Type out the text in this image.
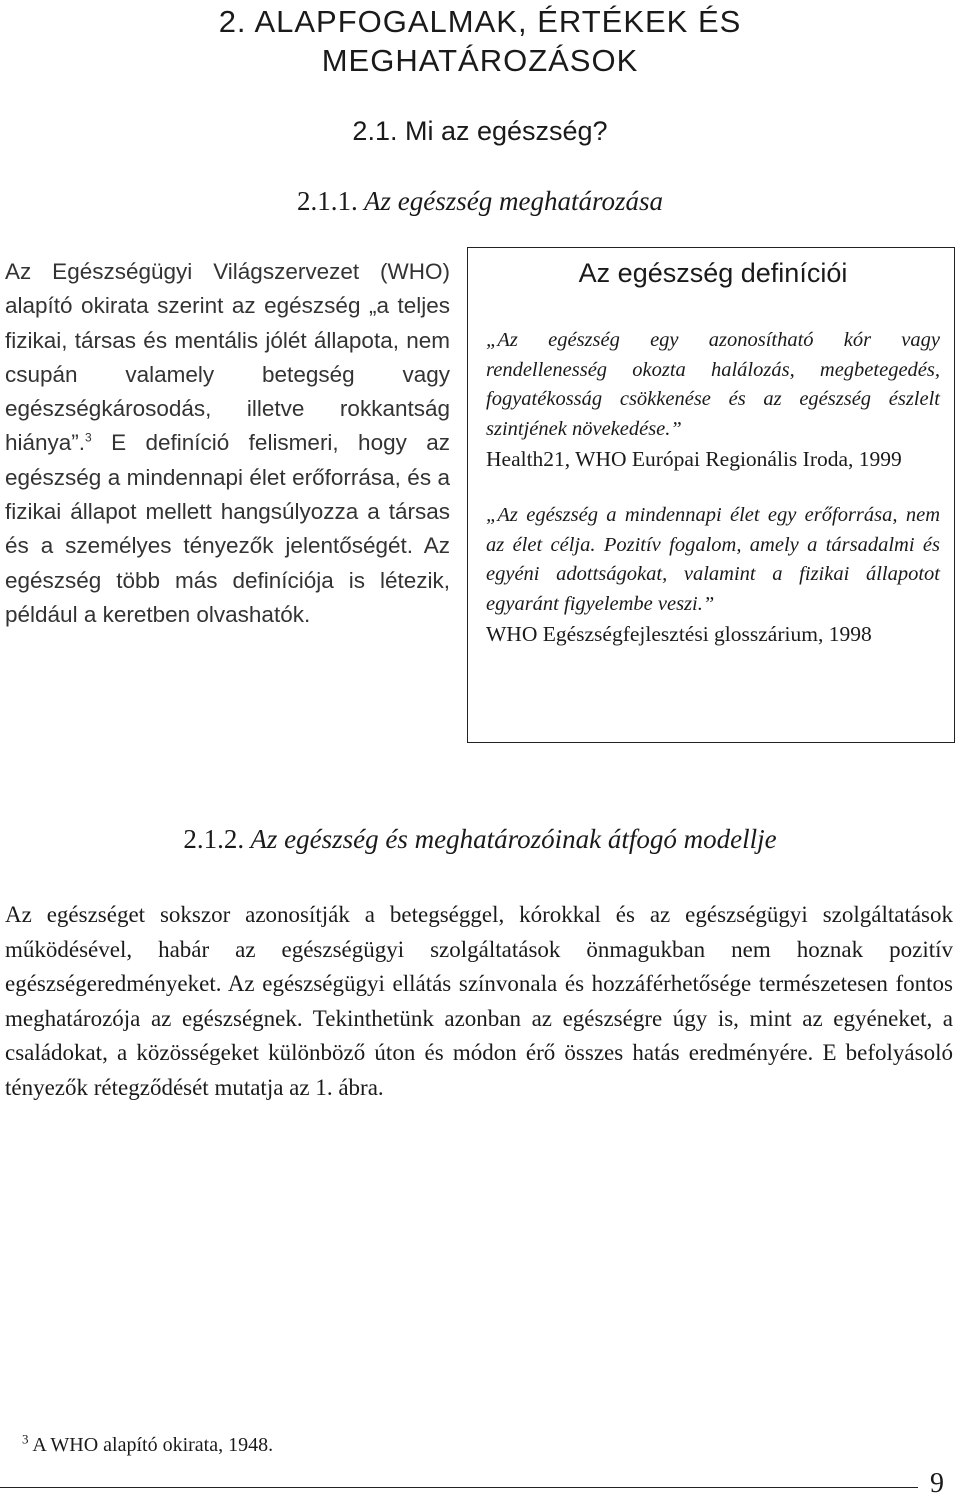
2. ALAPFOGALMAK, ÉRTÉKEK ÉS
MEGHATÁROZÁSOK
2.1. Mi az egészség?
2.1.1. Az egészség meghatározása

Az Egészségügyi Világszervezet (WHO) alapító okirata szerint az egészség „a teljes fizikai, társas és mentális jólét állapota, nem csupán valamely betegség vagy egészségkárosodás, illetve rokkantság hiánya”.$^3$ E definíció felismeri, hogy az egészség a mindennapi élet erőforrása, és a fizikai állapot mellett hangsúlyozza a társas és a személyes tényezők jelentőségét. Az egészség több más definíciója is létezik, például a keretben olvashatók.

Az egészség definíciói

„Az egészség egy azonosítható kór vagy rendellenesség okozta halálozás, megbetegedés, fogyatékosság csökkenése és az egészség észlelt szintjének növekedése.”

Health21, WHO Európai Regionális Iroda, 1999

„Az egészség a mindennapi élet egy erőforrása, nem az élet célja. Pozitív fogalom, amely a társadalmi és egyéni adottságokat, valamint a fizikai állapotot egyaránt figyelembe veszi.”

WHO Egészségfejlesztési glosszárium, 1998

2.1.2. Az egészség és meghatározóinak átfogó modellje

Az egészséget sokszor azonosítják a betegséggel, kórokkal és az egészségügyi szolgáltatások működésével, habár az egészségügyi szolgáltatások önmagukban nem hoznak pozitív egészségeredményeket. Az egészségügyi ellátás színvonala és hozzáférhetősége természetesen fontos meghatározója az egészségnek. Tekinthetünk azonban az egészségre úgy is, mint az egyéneket, a családokat, a közösségeket különböző úton és módon érő összes hatás eredményére. E befolyásoló tényezők rétegződését mutatja az 1. ábra.

$^3$ A WHO alapító okirata, 1948.
9
